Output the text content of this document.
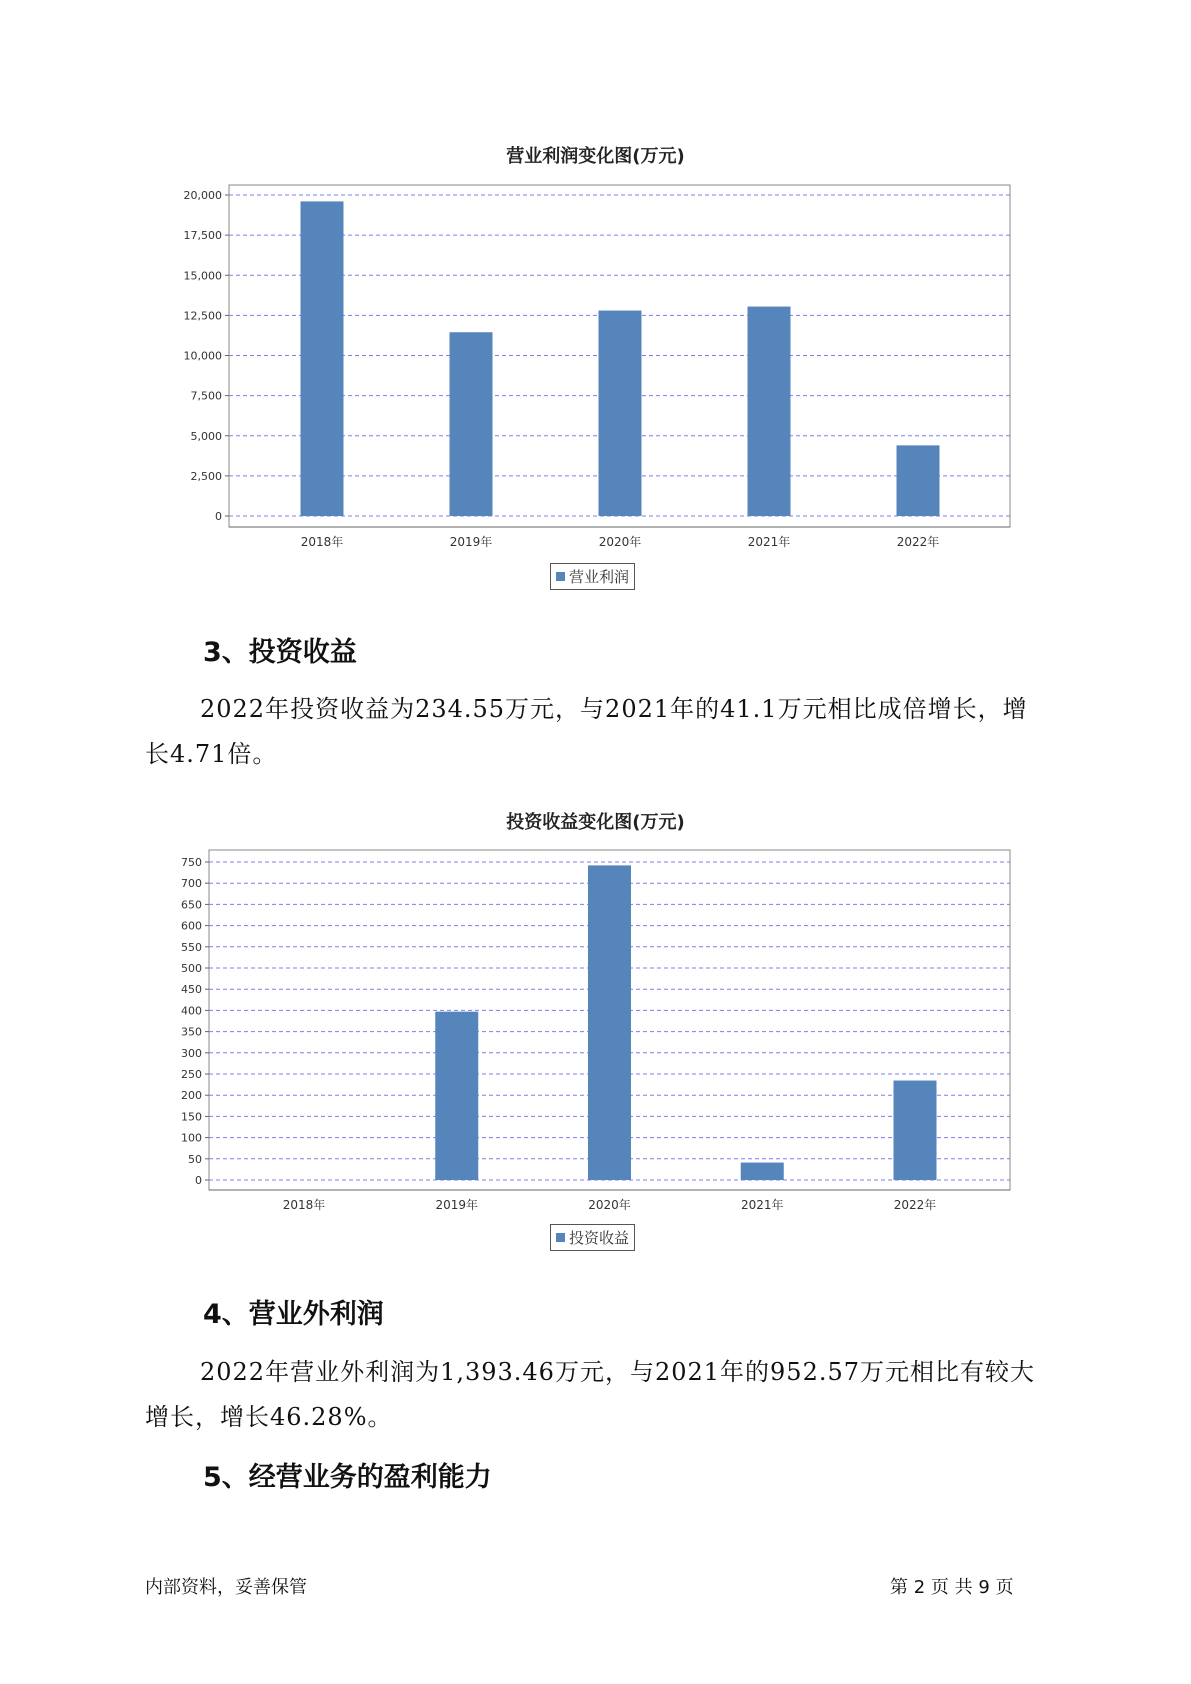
营业利润变化图(万元)
0
2,500
5,000
7,500
10,000
12,500
15,000
17,500
20,000
2018年	2019年	2020年	2021年	2022年
营业利润
3、投资收益
2022年投资收益为234.55万元，与2021年的41.1万元相比成倍增长，增长4.71倍。
投资收益变化图(万元)
0
50
100
150
200
250
300
350
400
450
500
550
600
650
700
750
2018年	2019年	2020年	2021年	2022年
投资收益
4、营业外利润
2022年营业外利润为1,393.46万元，与2021年的952.57万元相比有较大增长，增长46.28%。
5、经营业务的盈利能力
内部资料，妥善保管	第 2 页 共 9 页
